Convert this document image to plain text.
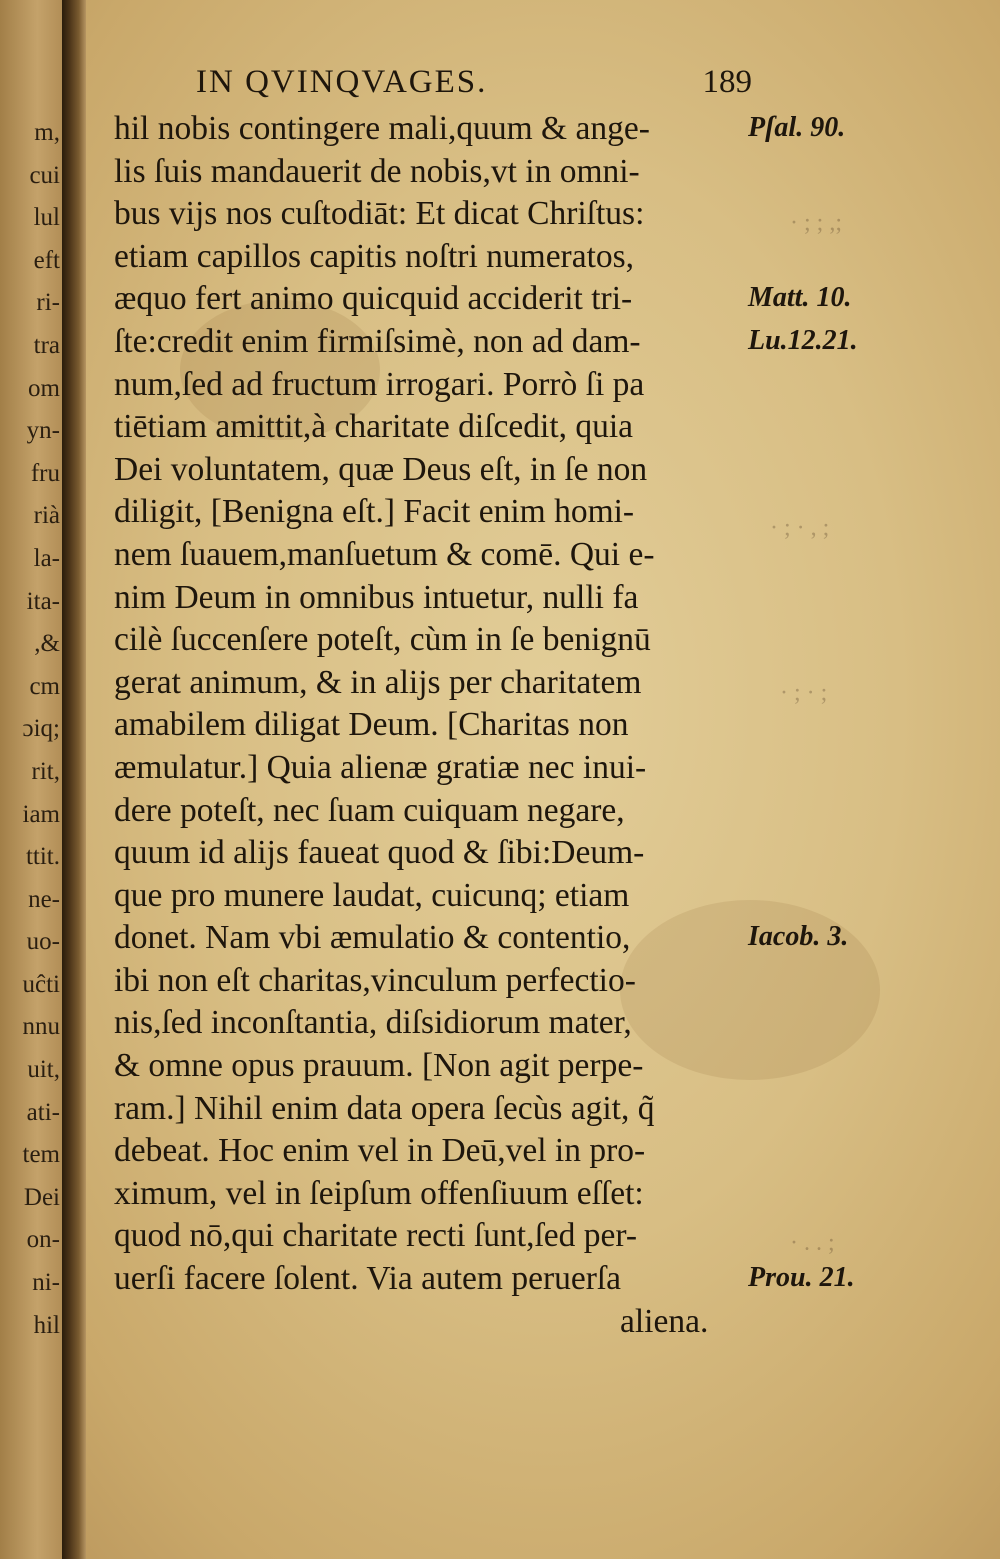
m,
cui
lul
eft
ri-
tra
om
yn-
fru
rià
la-
ita-
,&
cm
ɔiq;
rit,
iam
ttit.
ne-
uo-
uĉti
nnu
uit,
ati-
tem
Dei
on-
ni-
hil
· ; ; ,;
· ; · , ;
· ; · ;
· . . ;
IN QVINQVAGES.	189
hil nobis contingere mali,quum & ange-
lis ſuis mandauerit de nobis,vt in omni-
bus vijs nos cuſtodiāt: Et dicat Chriſtus:
etiam capillos capitis noſtri numeratos,
æquo fert animo quicquid acciderit tri-
ſte:credit enim firmiſsimè, non ad dam-
num,ſed ad fructum irrogari. Porrò ſi pa
tiētiam amittit,à charitate diſcedit, quia
Dei voluntatem, quæ Deus eſt, in ſe non
diligit, [Benigna eſt.] Facit enim homi-
nem ſuauem,manſuetum & comē. Qui e-
nim Deum in omnibus intuetur, nulli fa
cilè ſuccenſere poteſt, cùm in ſe benignū
gerat animum, & in alijs per charitatem
amabilem diligat Deum. [Charitas non
æmulatur.] Quia alienæ gratiæ nec inui-
dere poteſt, nec ſuam cuiquam negare,
quum id alijs faueat quod & ſibi:Deum-
que pro munere laudat, cuicunq; etiam
donet. Nam vbi æmulatio & contentio,
ibi non eſt charitas,vinculum perfectio-
nis,ſed inconſtantia, diſsidiorum mater,
& omne opus prauum. [Non agit perpe-
ram.] Nihil enim data opera ſecùs agit, q̃
debeat. Hoc enim vel in Deū,vel in pro-
ximum, vel in ſeipſum offenſiuum eſſet:
quod nō,qui charitate recti ſunt,ſed per-
uerſi facere ſolent. Via autem peruerſa
aliena.
Pſal. 90.
Matt. 10.
Lu.12.21.
Iacob. 3.
Prou. 21.
